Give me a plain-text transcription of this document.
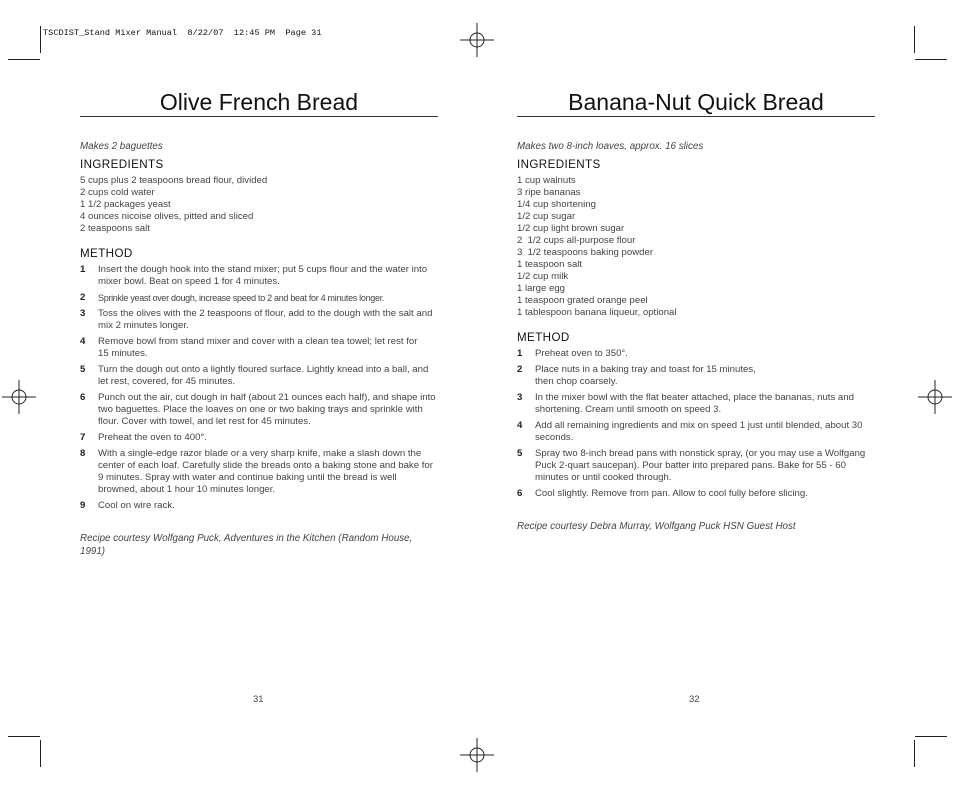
TSCDIST_Stand Mixer Manual  8/22/07  12:45 PM  Page 31
Olive French Bread
Makes 2 baguettes
INGREDIENTS
5 cups plus 2 teaspoons bread flour, divided
2 cups cold water
1 1/2 packages yeast
4 ounces nicoise olives, pitted and sliced
2 teaspoons salt
METHOD
1	Insert the dough hook into the stand mixer; put 5 cups flour and the water into mixer bowl. Beat on speed 1 for 4 minutes.
2	Sprinkle yeast over dough, increase speed to 2 and beat for 4 minutes longer.
3	Toss the olives with the 2 teaspoons of flour, add to the dough with the salt and mix 2 minutes longer.
4	Remove bowl from stand mixer and cover with a clean tea towel; let rest for
15 minutes.
5	Turn the dough out onto a lightly floured surface. Lightly knead into a ball, and let rest, covered, for 45 minutes.
6	Punch out the air, cut dough in half (about 21 ounces each half), and shape into two baguettes. Place the loaves on one or two baking trays and sprinkle with flour. Cover with towel, and let rest for 45 minutes.
7	Preheat the oven to 400°.
8	With a single-edge razor blade or a very sharp knife, make a slash down the center of each loaf. Carefully slide the breads onto a baking stone and bake for 9 minutes. Spray with water and continue baking until the bread is well browned, about 1 hour 10 minutes longer.
9	Cool on wire rack.
Recipe courtesy Wolfgang Puck, Adventures in the Kitchen (Random House, 1991)
31
Banana-Nut Quick Bread
Makes two 8-inch loaves, approx. 16 slices
INGREDIENTS
1 cup walnuts
3 ripe bananas
1/4 cup shortening
1/2 cup sugar
1/2 cup light brown sugar
2  1/2 cups all-purpose flour
3  1/2 teaspoons baking powder
1 teaspoon salt
1/2 cup milk
1 large egg
1 teaspoon grated orange peel
1 tablespoon banana liqueur, optional
METHOD
1	Preheat oven to 350°.
2	Place nuts in a baking tray and toast for 15 minutes,
then chop coarsely.
3	In the mixer bowl with the flat beater attached, place the bananas, nuts and shortening. Cream until smooth on speed 3.
4	Add all remaining ingredients and mix on speed 1 just until blended, about 30 seconds.
5	Spray two 8-inch bread pans with nonstick spray, (or you may use a Wolfgang Puck 2-quart saucepan). Pour batter into prepared pans. Bake for 55 - 60 minutes or until cooked through.
6	Cool slightly. Remove from pan. Allow to cool fully before slicing.
Recipe courtesy Debra Murray, Wolfgang Puck HSN Guest Host
32
